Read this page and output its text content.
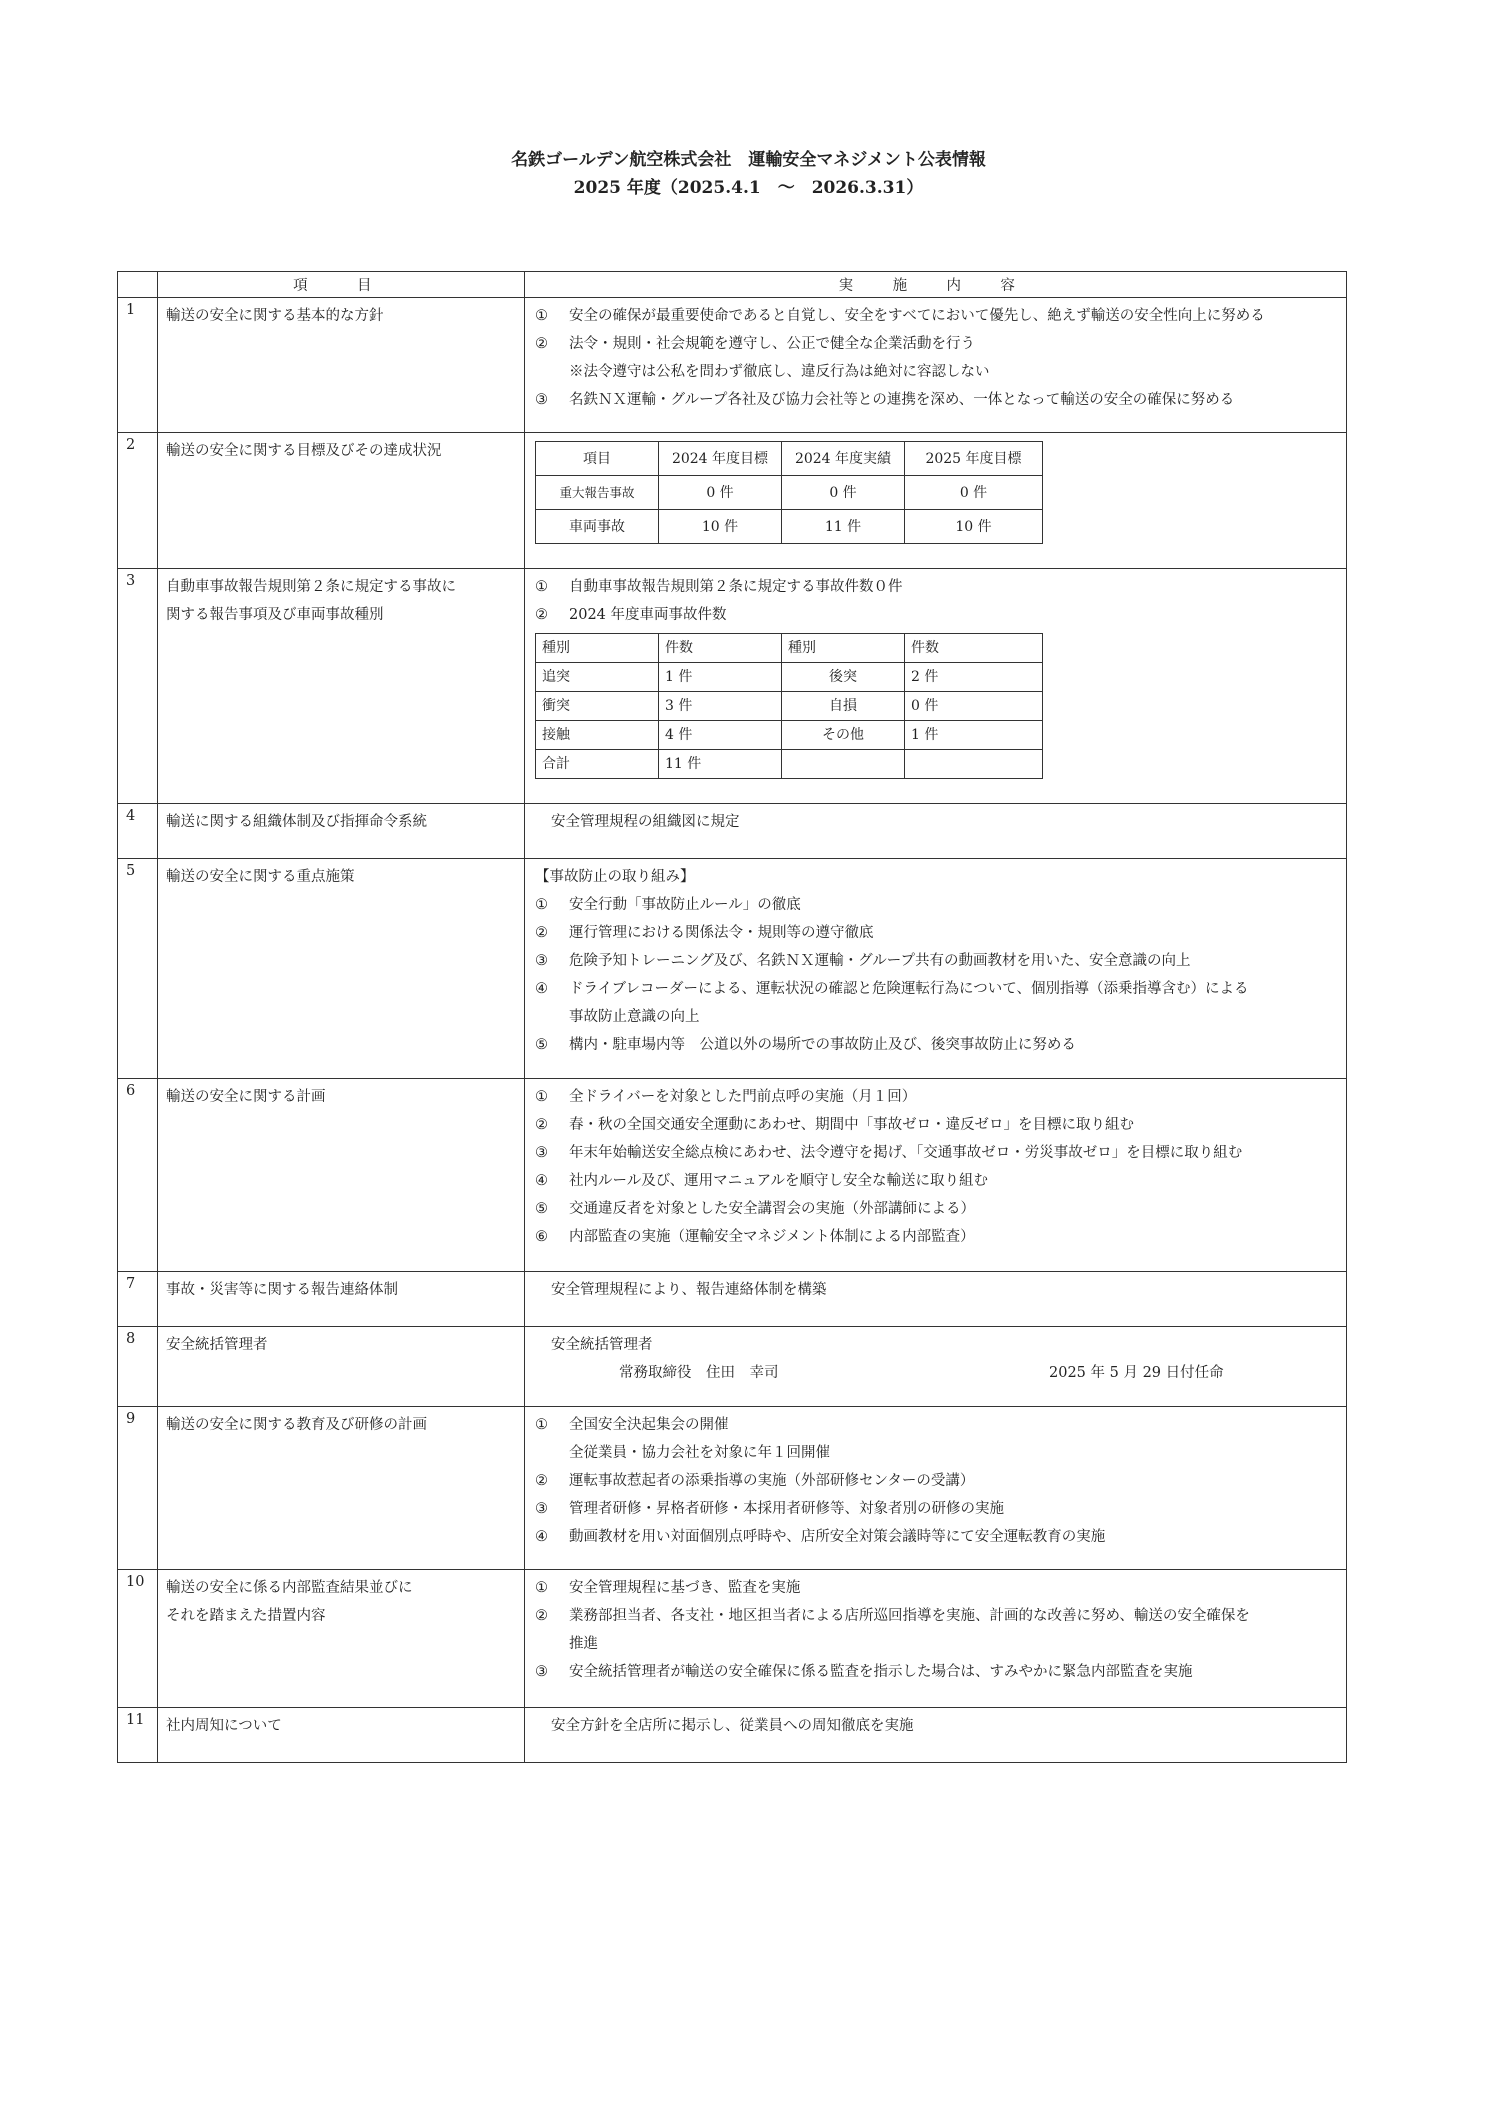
名鉄ゴールデン航空株式会社　運輸安全マネジメント公表情報
2025 年度（2025.4.1　～　2026.3.31）
	項　目	実 施 内 容
1	輸送の安全に関する基本的な方針	①	安全の確保が最重要使命であると自覚し、安全をすべてにおいて優先し、絶えず輸送の安全性向上に努める
②	法令・規則・社会規範を遵守し、公正で健全な企業活動を行う
※法令遵守は公私を問わず徹底し、違反行為は絶対に容認しない
③	名鉄ＮＸ運輸・グループ各社及び協力会社等との連携を深め、一体となって輸送の安全の確保に努める

2	輸送の安全に関する目標及びその達成状況		項目	2024 年度目標	2024 年度実績	2025 年度目標
重大報告事故	0 件	0 件	0 件
車両事故	10 件	11 件	10 件

3	自動車事故報告規則第２条に規定する事故に
関する報告事項及び車両事故種別

①	自動車事故報告規則第２条に規定する事故件数０件
②	2024 年度車両事故件数
種別	件数	種別	件数
追突	1 件	後突	2 件
衝突	3 件	自損	0 件
接触	4 件	その他	1 件
合計	11 件		

4	輸送に関する組織体制及び指揮命令系統	安全管理規程の組織図に規定

5	輸送の安全に関する重点施策	【事故防止の取り組み】
①	安全行動「事故防止ルール」の徹底
②	運行管理における関係法令・規則等の遵守徹底
③	危険予知トレーニング及び、名鉄ＮＸ運輸・グループ共有の動画教材を用いた、安全意識の向上
④	ドライブレコーダーによる、運転状況の確認と危険運転行為について、個別指導（添乗指導含む）による
事故防止意識の向上
⑤	構内・駐車場内等　公道以外の場所での事故防止及び、後突事故防止に努める

6	輸送の安全に関する計画	①	全ドライバーを対象とした門前点呼の実施（月１回）
②	春・秋の全国交通安全運動にあわせ、期間中「事故ゼロ・違反ゼロ」を目標に取り組む
③	年末年始輸送安全総点検にあわせ、法令遵守を掲げ、「交通事故ゼロ・労災事故ゼロ」を目標に取り組む
④	社内ルール及び、運用マニュアルを順守し安全な輸送に取り組む
⑤	交通違反者を対象とした安全講習会の実施（外部講師による）
⑥	内部監査の実施（運輸安全マネジメント体制による内部監査）

7	事故・災害等に関する報告連絡体制	安全管理規程により、報告連絡体制を構築

8	安全統括管理者	安全統括管理者
常務取締役　 住田　幸司	2025 年 5 月 29 日付任命

9	輸送の安全に関する教育及び研修の計画	①	全国安全決起集会の開催
全従業員・協力会社を対象に年１回開催
②	運転事故惹起者の添乗指導の実施（外部研修センターの受講）
③	管理者研修・昇格者研修・本採用者研修等、対象者別の研修の実施
④	動画教材を用い対面個別点呼時や、店所安全対策会議時等にて安全運転教育の実施

10	輸送の安全に係る内部監査結果並びに
それを踏まえた措置内容

①	安全管理規程に基づき、監査を実施
②	業務部担当者、各支社・地区担当者による店所巡回指導を実施、計画的な改善に努め、輸送の安全確保を
推進
③	安全統括管理者が輸送の安全確保に係る監査を指示した場合は、すみやかに緊急内部監査を実施

11	社内周知について	安全方針を全店所に掲示し、従業員への周知徹底を実施
